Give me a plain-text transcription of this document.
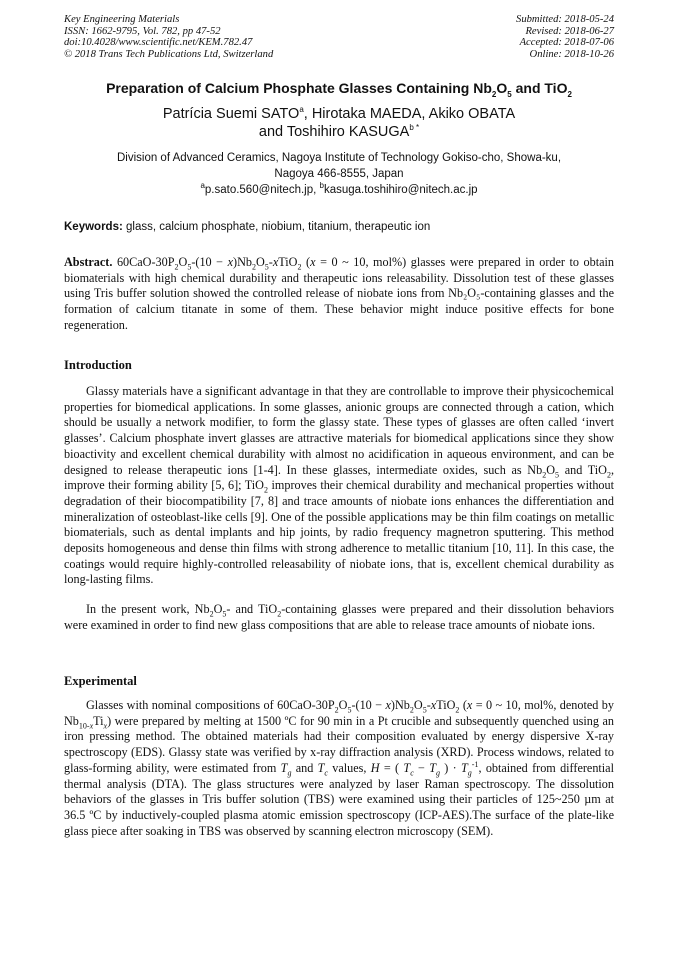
Key Engineering Materials
ISSN: 1662-9795, Vol. 782, pp 47-52
doi:10.4028/www.scientific.net/KEM.782.47
© 2018 Trans Tech Publications Ltd, Switzerland
Submitted: 2018-05-24
Revised: 2018-06-27
Accepted: 2018-07-06
Online: 2018-10-26
Preparation of Calcium Phosphate Glasses Containing $Nb_2O_5$ and TiO$_2$
Patrícia Suemi SATO$^a$, Hirotaka MAEDA, Akiko OBATA
and Toshihiro $KASUGA^{b *}$
Division of Advanced Ceramics, Nagoya Institute of Technology Gokiso-cho, Showa-ku,
Nagoya 466-8555, Japan
$^a$p.sato.560@nitech.jp, $^b$kasuga.toshihiro@nitech.ac.jp
Keywords: glass, calcium phosphate, niobium, titanium, therapeutic ion
Abstract. $60CaO-30P_2O_5-(10$ − $x)Nb_2O_5-xTiO_2$ (x = 0 ~ 10, mol%) glasses were prepared in order to obtain biomaterials with high chemical durability and therapeutic ions releasability. Dissolution test of these glasses using Tris buffer solution showed the controlled release of niobate ions from Nb₂O₅-containing glasses and the formation of calcium titanate in some of them. These behavior might induce positive effects for bone regeneration.
Introduction
Glassy materials have a significant advantage in that they are controllable to improve their physicochemical properties for biomedical applications. In some glasses, anionic groups are connected through a cation, which should be usually a network modifier, to form the glassy state. These types of glasses are often called ‘invert glasses’. Calcium phosphate invert glasses are attractive materials for biomedical applications since they show bioactivity and excellent chemical durability with almost no acidification in aqueous environment, and can be designed to release therapeutic ions [1-4]. In these glasses, intermediate oxides, such as $Nb_2O_5$ and TiO$_2$, improve their forming ability [5, 6]; TiO$_2$ improves their chemical durability and mechanical properties without degradation of their biocompatibility [7, 8] and trace amounts of niobate ions enhances the differentiation and mineralization of osteoblast-like cells [9]. One of the possible applications may be thin film coatings on metallic biomaterials, such as dental implants and hip joints, by radio frequency magnetron sputtering. This method deposits homogeneous and dense thin films with strong adherence to metallic titanium [10, 11]. In this case, the coatings would require highly-controlled releasability of niobate ions, that is, excellent chemical durability as long-lasting films.
In the present work, $Nb_2O_5-$ and TiO$_2$-containing glasses were prepared and their dissolution behaviors were examined in order to find new glass compositions that are able to release trace amounts of niobate ions.
Experimental
Glasses with nominal compositions of $60CaO-30P_2O_5-(10$ − $x)Nb_2O_5-xTiO_2$ (x = 0 ~ 10, mol%, denoted by $Nb_{10-x}Ti_x$) were prepared by melting at 1500 ºC for 90 min in a Pt crucible and subsequently quenched using an iron pressing method. The obtained materials had their composition evaluated by energy dispersive X-ray spectroscopy (EDS). Glassy state was verified by x-ray diffraction analysis (XRD). Process windows, related to glass-forming ability, were estimated from $T_g$ and $T_c$ values, H = ( $T_c - T_g$ ) · $T_g^{-1}$, obtained from differential thermal analysis (DTA). The glass structures were analyzed by laser Raman spectroscopy. The dissolution behaviors of the glasses in Tris buffer solution (TBS) were examined using their particles of 125~250 µm at 36.5 ºC by inductively-coupled plasma atomic emission spectroscopy (ICP-AES).The surface of the plate-like glass piece after soaking in TBS was observed by scanning electron microscopy (SEM).
